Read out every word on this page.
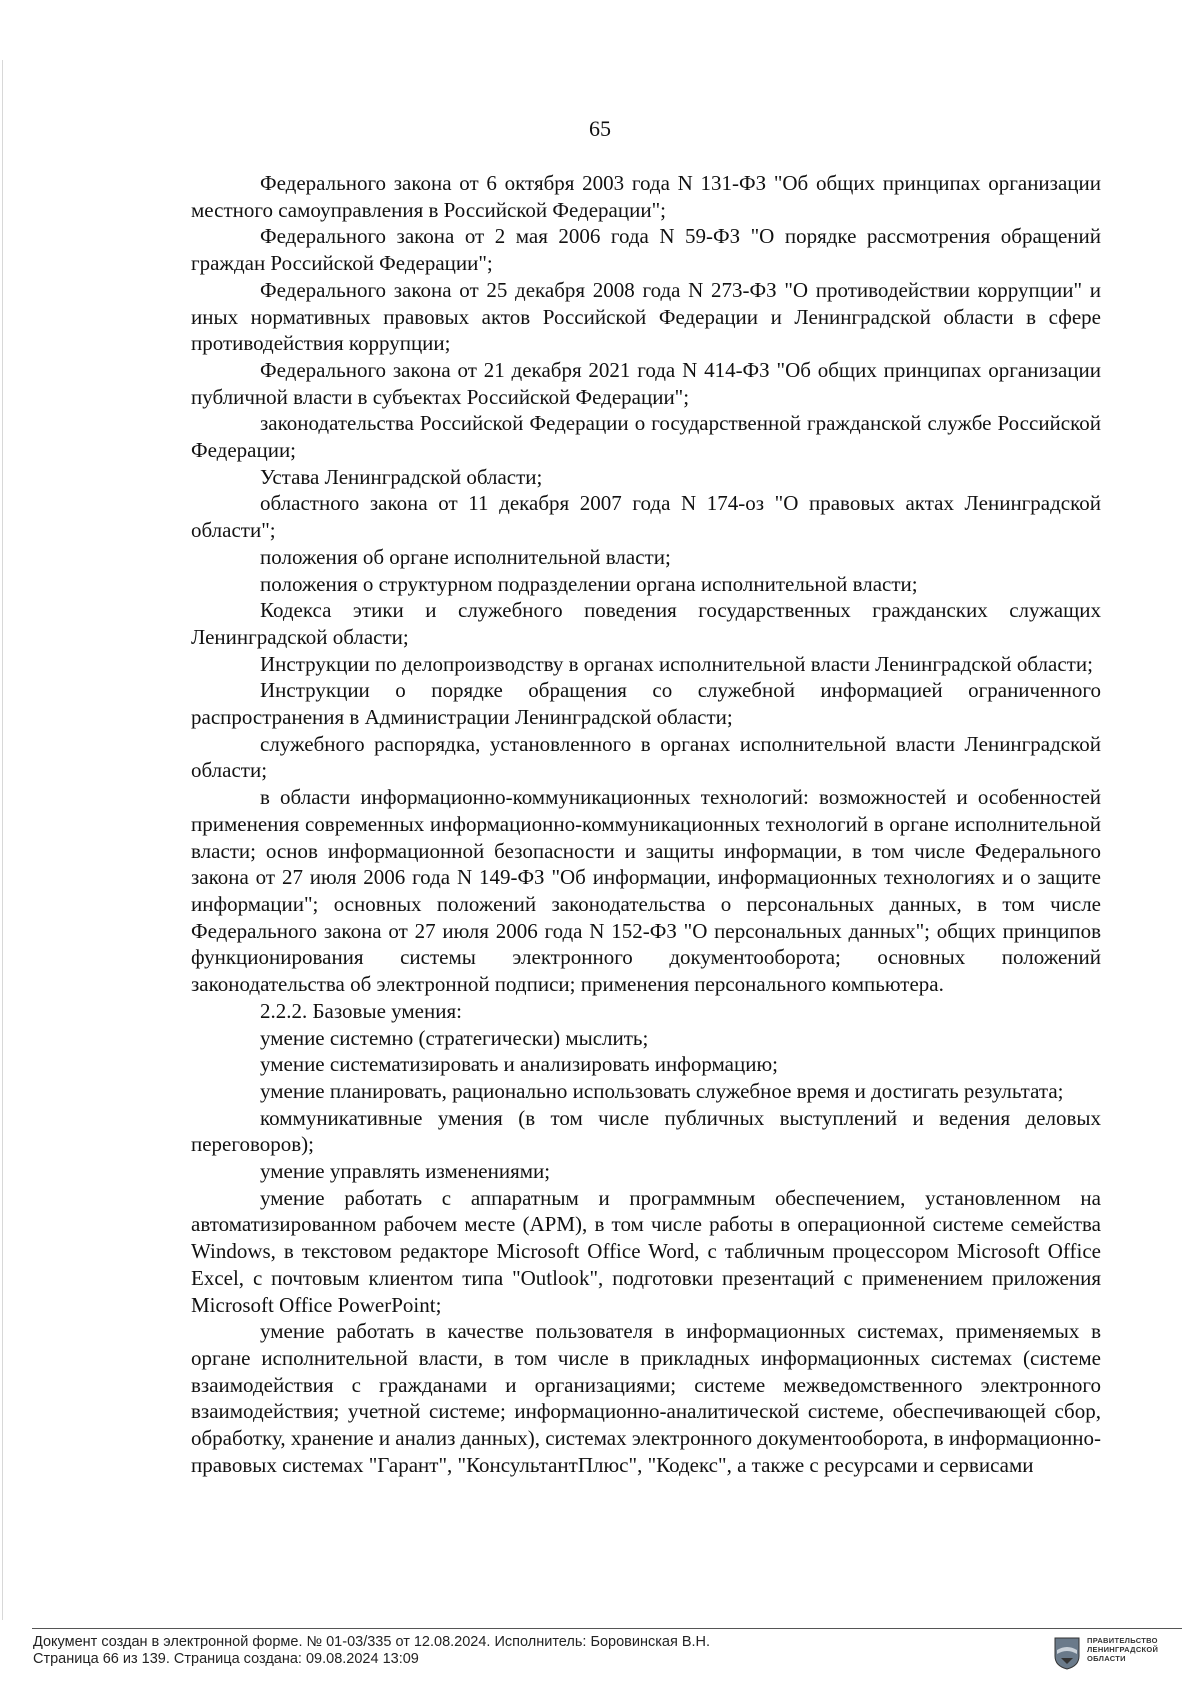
65

Федерального закона от 6 октября 2003 года N 131-ФЗ "Об общих принципах организации местного самоуправления в Российской Федерации";

Федерального закона от 2 мая 2006 года N 59-ФЗ "О порядке рассмотрения обращений граждан Российской Федерации";

Федерального закона от 25 декабря 2008 года N 273-ФЗ "О противодействии коррупции" и иных нормативных правовых актов Российской Федерации и Ленинградской области в сфере противодействия коррупции;

Федерального закона от 21 декабря 2021 года N 414-ФЗ "Об общих принципах организации публичной власти в субъектах Российской Федерации";

законодательства Российской Федерации о государственной гражданской службе Российской Федерации;

Устава Ленинградской области;

областного закона от 11 декабря 2007 года N 174-оз "О правовых актах Ленинградской области";

положения об органе исполнительной власти;

положения о структурном подразделении органа исполнительной власти;

Кодекса этики и служебного поведения государственных гражданских служащих Ленинградской области;

Инструкции по делопроизводству в органах исполнительной власти Ленинградской области;

Инструкции о порядке обращения со служебной информацией ограниченного распространения в Администрации Ленинградской области;

служебного распорядка, установленного в органах исполнительной власти Ленинградской области;

в области информационно-коммуникационных технологий: возможностей и особенностей применения современных информационно-коммуникационных технологий в органе исполнительной власти; основ информационной безопасности и защиты информации, в том числе Федерального закона от 27 июля 2006 года N 149-ФЗ "Об информации, информационных технологиях и о защите информации"; основных положений законодательства о персональных данных, в том числе Федерального закона от 27 июля 2006 года N 152-ФЗ "О персональных данных"; общих принципов функционирования системы электронного документооборота; основных положений законодательства об электронной подписи; применения персонального компьютера.

2.2.2. Базовые умения:

умение системно (стратегически) мыслить;

умение систематизировать и анализировать информацию;

умение планировать, рационально использовать служебное время и достигать результата;

коммуникативные умения (в том числе публичных выступлений и ведения деловых переговоров);

умение управлять изменениями;

умение работать с аппаратным и программным обеспечением, установленном на автоматизированном рабочем месте (АРМ), в том числе работы в операционной системе семейства Windows, в текстовом редакторе Microsoft Office Word, с табличным процессором Microsoft Office Excel, с почтовым клиентом типа "Outlook", подготовки презентаций с применением приложения Microsoft Office PowerPoint;

умение работать в качестве пользователя в информационных системах, применяемых в органе исполнительной власти, в том числе в прикладных информационных системах (системе взаимодействия с гражданами и организациями; системе межведомственного электронного взаимодействия; учетной системе; информационно-аналитической системе, обеспечивающей сбор, обработку, хранение и анализ данных), системах электронного документооборота, в информационно-правовых системах "Гарант", "КонсультантПлюс", "Кодекс", а также с ресурсами и сервисами

Документ создан в электронной форме. № 01-03/335 от 12.08.2024. Исполнитель: Боровинская В.Н.
Страница 66 из 139. Страница создана: 09.08.2024 13:09
ПРАВИТЕЛЬСТВО
ЛЕНИНГРАДСКОЙ
ОБЛАСТИ
